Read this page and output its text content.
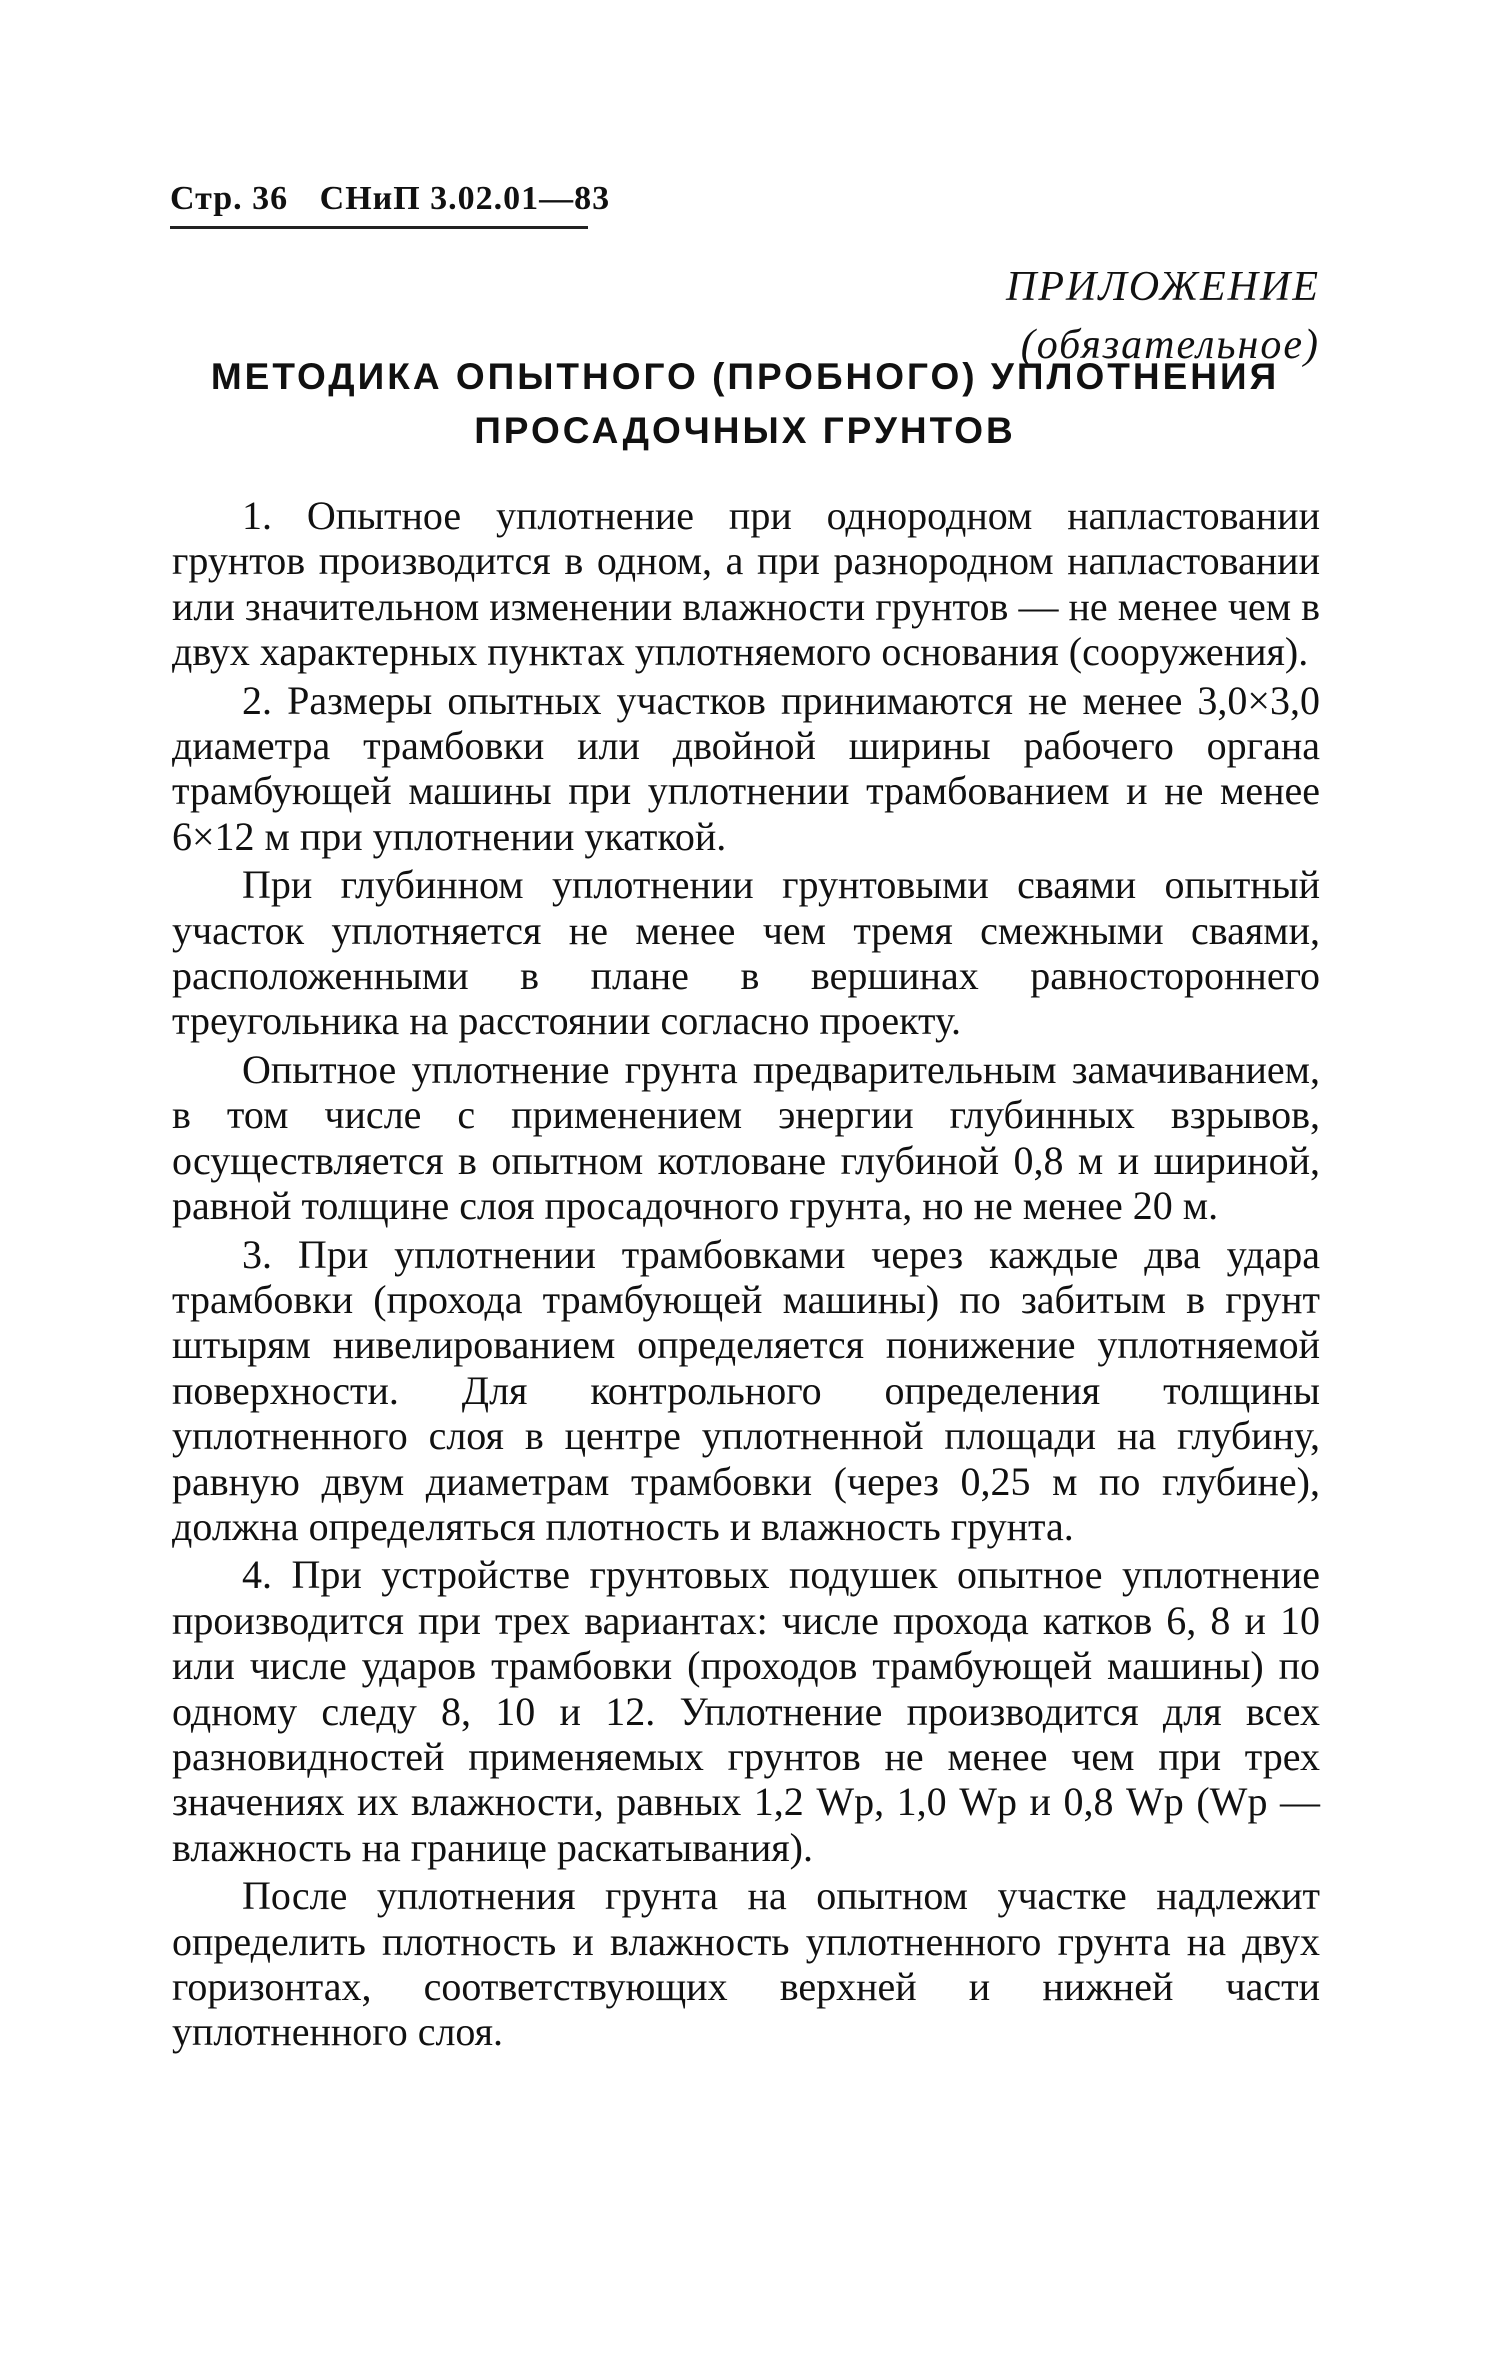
Стр. 36 СНиП 3.02.01—83
ПРИЛОЖЕНИЕ
(обязательное)
МЕТОДИКА ОПЫТНОГО (ПРОБНОГО) УПЛОТНЕНИЯ
ПРОСАДОЧНЫХ ГРУНТОВ

1. Опытное уплотнение при однородном напластовании грунтов производится в одном, а при разнородном напластовании или значительном изменении влажности грунтов — не менее чем в двух характерных пунктах уплотняемого основания (сооружения).

2. Размеры опытных участков принимаются не менее 3,0×3,0 диаметра трамбовки или двойной ширины рабочего органа трамбующей машины при уплотнении трамбованием и не менее 6×12 м при уплотнении укаткой.

При глубинном уплотнении грунтовыми сваями опытный участок уплотняется не менее чем тремя смежными сваями, расположенными в плане в вершинах равностороннего треугольника на расстоянии согласно проекту.

Опытное уплотнение грунта предварительным замачиванием, в том числе с применением энергии глубинных взрывов, осуществляется в опытном котловане глубиной 0,8 м и шириной, равной толщине слоя просадочного грунта, но не менее 20 м.

3. При уплотнении трамбовками через каждые два удара трамбовки (прохода трамбующей машины) по забитым в грунт штырям нивелированием определяется понижение уплотняемой поверхности. Для контрольного определения толщины уплотненного слоя в центре уплотненной площади на глубину, равную двум диаметрам трамбовки (через 0,25 м по глубине), должна определяться плотность и влажность грунта.

4. При устройстве грунтовых подушек опытное уплотнение производится при трех вариантах: числе прохода катков 6, 8 и 10 или числе ударов трамбовки (проходов трамбующей машины) по одному следу 8, 10 и 12. Уплотнение производится для всех разновидностей применяемых грунтов не менее чем при трех значениях их влажности, равных 1,2 Wр, 1,0 Wр и 0,8 Wр (Wр — влажность на границе раскатывания).

После уплотнения грунта на опытном участке надлежит определить плотность и влажность уплотненного грунта на двух горизонтах, соответствующих верхней и нижней части уплотненного слоя.
